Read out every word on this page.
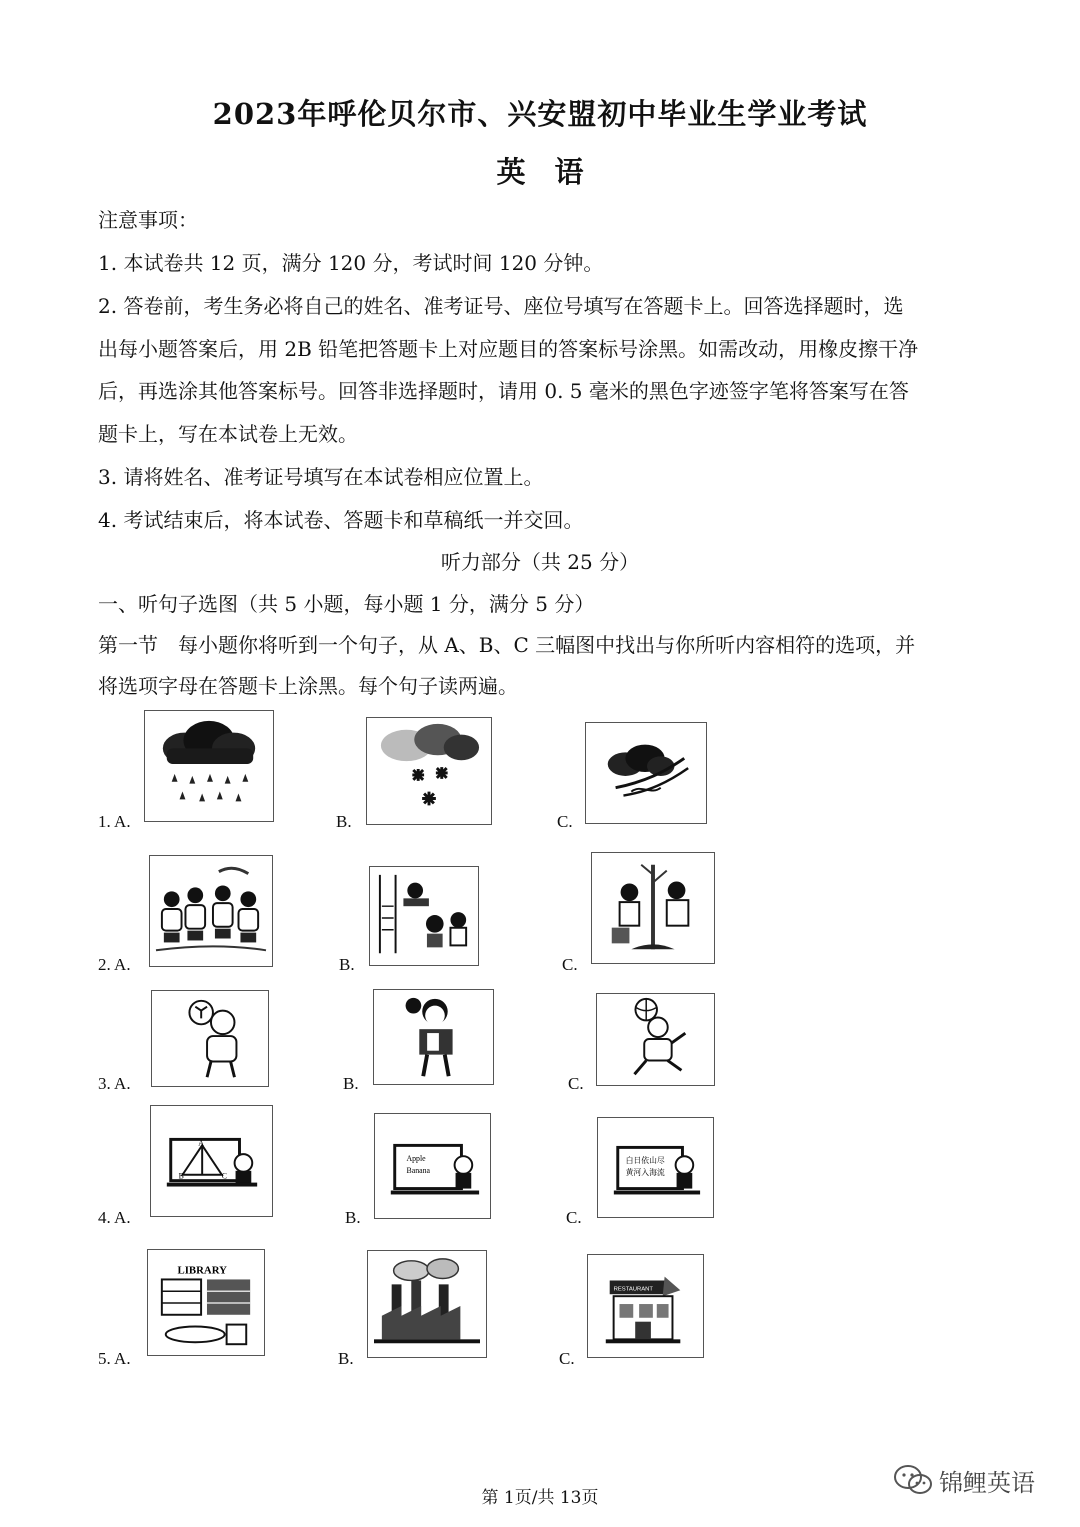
2023年呼伦贝尔市、兴安盟初中毕业生学业考试
英　语
注意事项：
1. 本试卷共 12 页，满分 120 分，考试时间 120 分钟。
2. 答卷前，考生务必将自己的姓名、准考证号、座位号填写在答题卡上。回答选择题时，选
出每小题答案后，用 2B 铅笔把答题卡上对应题目的答案标号涂黑。如需改动，用橡皮擦干净
后，再选涂其他答案标号。回答非选择题时，请用 0. 5 毫米的黑色字迹签字笔将答案写在答
题卡上，写在本试卷上无效。
3. 请将姓名、准考证号填写在本试卷相应位置上。
4. 考试结束后，将本试卷、答题卡和草稿纸一并交回。
听力部分（共 25 分）
一、听句子选图（共 5 小题，每小题 1 分，满分 5 分）
第一节　每小题你将听到一个句子，从 A、B、C 三幅图中找出与你所听内容相符的选项，并
将选项字母在答题卡上涂黑。每个句子读两遍。
1. A.	B.	C.
2. A.	B.	C.
3. A.	B.	C.
4. A.	B.	C.
A
B	C
Apple
Banana
白日依山尽
黄河入海流
5. A.	B.	C.
LIBRARY
RESTAURANT
第 1页/共 13页
锦鲤英语
